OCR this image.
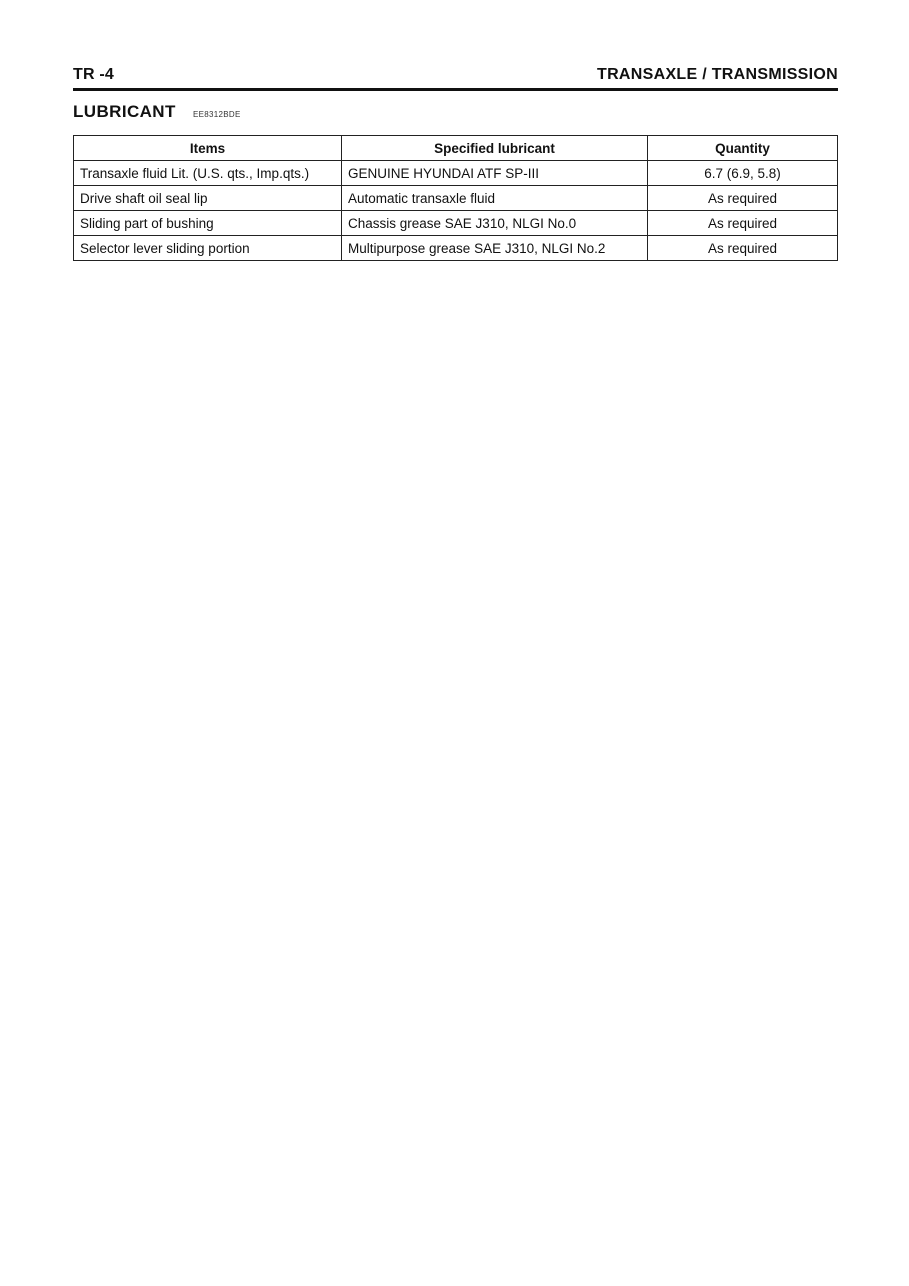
TR -4	TRANSAXLE / TRANSMISSION
LUBRICANT EE8312BDE
Items	Specified lubricant	Quantity
Transaxle fluid Lit. (U.S. qts., Imp.qts.)	GENUINE HYUNDAI ATF SP-III	6.7 (6.9, 5.8)
Drive shaft oil seal lip	Automatic transaxle fluid	As required
Sliding part of bushing	Chassis grease SAE J310, NLGI No.0	As required
Selector lever sliding portion	Multipurpose grease SAE J310, NLGI No.2	As required
